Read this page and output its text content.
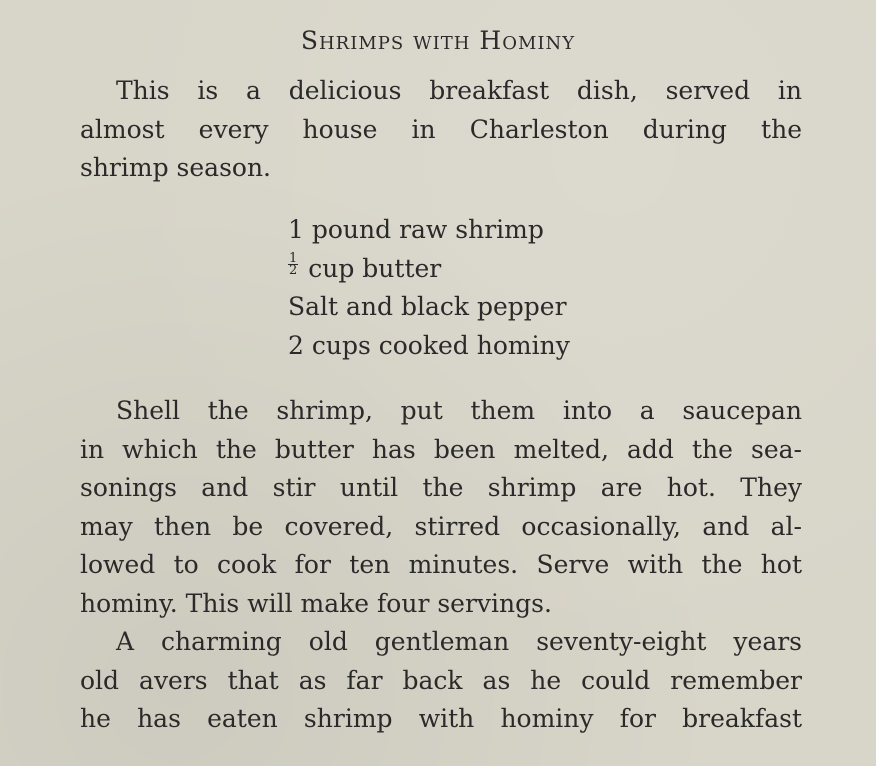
Shrimps with Hominy
This is a delicious breakfast dish, served in
almost every house in Charleston during the
shrimp season.
1 pound raw shrimp
$\frac{1}{2}$ cup butter
Salt and black pepper
2 cups cooked hominy
Shell the shrimp, put them into a saucepan
in which the butter has been melted, add the sea-
sonings and stir until the shrimp are hot. They
may then be covered, stirred occasionally, and al-
lowed to cook for ten minutes. Serve with the hot
hominy. This will make four servings.
A charming old gentleman seventy-eight years
old avers that as far back as he could remember
he has eaten shrimp with hominy for breakfast
